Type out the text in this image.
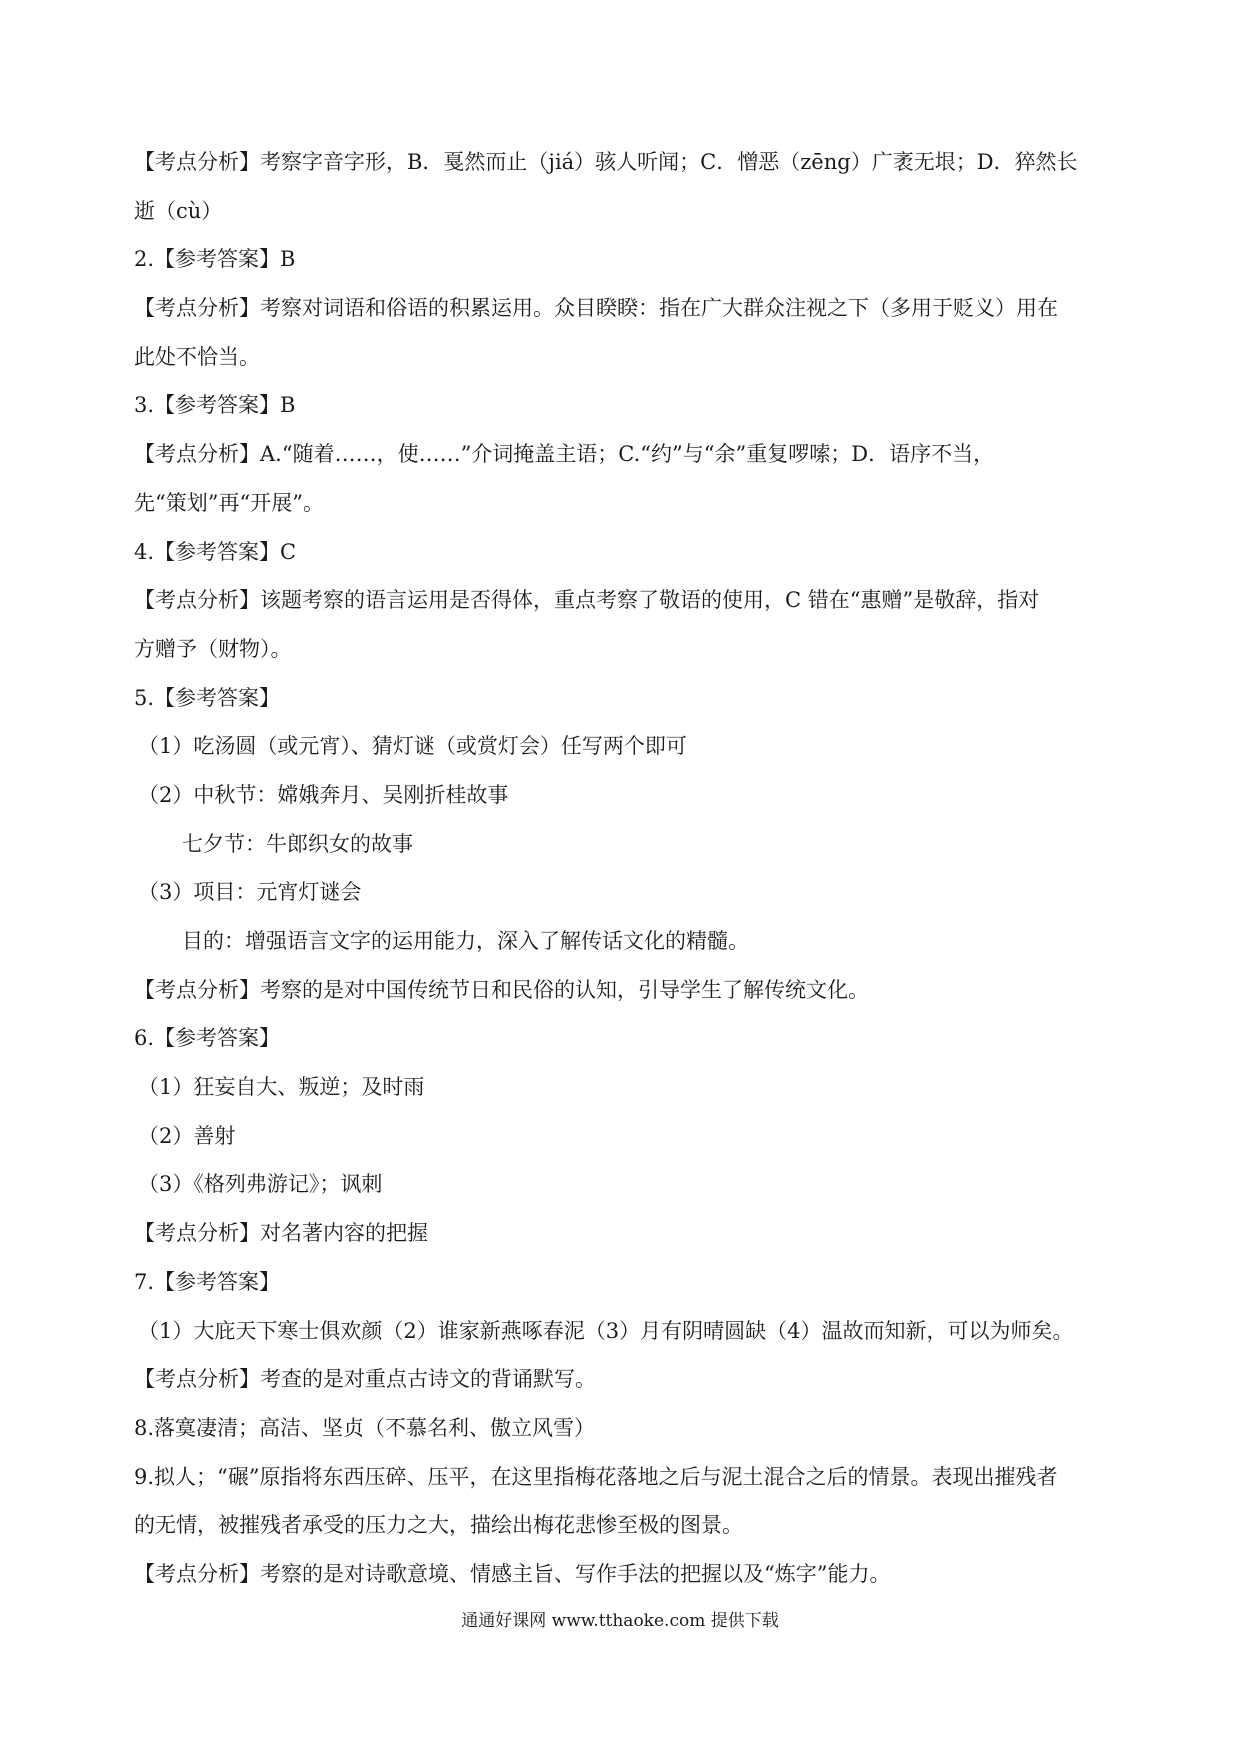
【考点分析】考察字音字形，B．戛然而止（jiá）骇人听闻；C．憎恶（zēng）广袤无垠；D．猝然长
逝（cù）
2.【参考答案】B
【考点分析】考察对词语和俗语的积累运用。众目睽睽：指在广大群众注视之下（多用于贬义）用在
此处不恰当。
3.【参考答案】B
【考点分析】A.“随着……，使……”介词掩盖主语；C.“约”与“余”重复啰嗦；D．语序不当，
先“策划”再“开展”。
4.【参考答案】C
【考点分析】该题考察的语言运用是否得体，重点考察了敬语的使用，C 错在“惠赠”是敬辞，指对
方赠予（财物）。
5.【参考答案】
（1）吃汤圆（或元宵）、猜灯谜（或赏灯会）任写两个即可
（2）中秋节：嫦娥奔月、吴刚折桂故事
七夕节：牛郎织女的故事
（3）项目：元宵灯谜会
目的：增强语言文字的运用能力，深入了解传话文化的精髓。
【考点分析】考察的是对中国传统节日和民俗的认知，引导学生了解传统文化。
6.【参考答案】
（1）狂妄自大、叛逆；及时雨
（2）善射
（3）《格列弗游记》；讽刺
【考点分析】对名著内容的把握
7.【参考答案】
（1）大庇天下寒士俱欢颜（2）谁家新燕啄春泥（3）月有阴晴圆缺（4）温故而知新，可以为师矣。
【考点分析】考查的是对重点古诗文的背诵默写。
8.落寞凄清；高洁、坚贞（不慕名利、傲立风雪）
9.拟人；“碾”原指将东西压碎、压平，在这里指梅花落地之后与泥土混合之后的情景。表现出摧残者
的无情，被摧残者承受的压力之大，描绘出梅花悲惨至极的图景。
【考点分析】考察的是对诗歌意境、情感主旨、写作手法的把握以及“炼字”能力。
通通好课网 www.tthaoke.com 提供下载
